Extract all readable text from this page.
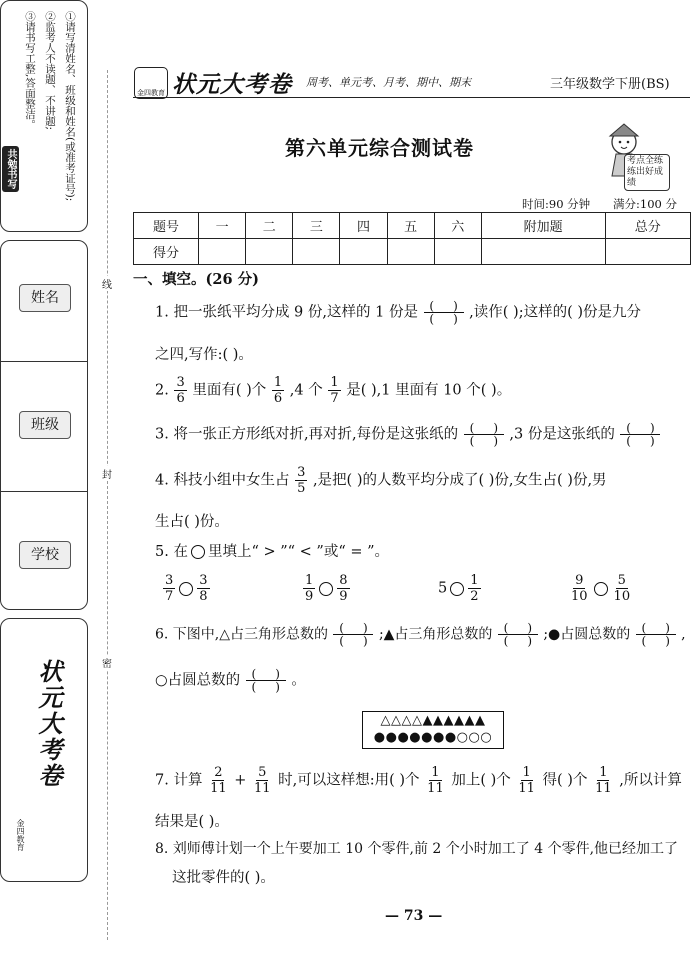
①请写清姓名、班级和姓名(或准考证号);
②监考人不读题、不讲题;
③请书写工整,答面整洁。
共勉书写
姓名
班级
学校
状元大考卷
金四教育
线
封
密
金四教育 状元大考卷 周考、单元考、月考、期中、期末	三年级数学下册(BS)
第六单元综合测试卷
考点全练
练出好成绩
时间:90 分钟 满分:100 分
题号	一	二	三	四	五	六	附加题	总分
得分								
一、填空。(26 分)
1. 把一张纸平均分成 9 份,这样的 1 份是 (     )
(     ) ,读作( );这样的( )份是九分
之四,写作:( )。
2. $\frac{3}{6}$ 里面有( )个 $\frac{1}{6} ,4$ 个 $\frac{1}{7}$ 是( ),1 里面有 10 个( )。
3. 将一张正方形纸对折,再对折,每份是这张纸的 (     )
(     ) ,3 份是这张纸的 (     )
(     )
4. 科技小组中女生占 $\frac{3}{5}$ ,是把( )的人数平均分成了( )份,女生占( )份,男
生占( )份。
5. 在 里填上“ > ”“ < ”或“ = ”。
$\frac{3}{7} \frac{3}{8}$	$\frac{1}{9} \frac{8}{9}$	$5 \frac{1}{2}$	$\frac{9}{10} \frac{5}{10}$
6. 下图中,△占三角形总数的 (     )
(     ) ;▲占三角形总数的 (     )
(     ) ;●占圆总数的 (     )
(     ) ,
○占圆总数的 (     )
(     ) 。
△△△△▲▲▲▲▲▲
●●●●●●●○○○
7. 计算 $\frac{2}{11} + \frac{5}{11}$ 时,可以这样想:用( )个 $\frac{1}{11}$ 加上( )个 $\frac{1}{11}$ 得( )个 $\frac{1}{11}$ ,所以计算
结果是( )。
8. 刘师傅计划一个上午要加工 10 个零件,前 2 个小时加工了 4 个零件,他已经加工了
这批零件的( )。
— 73 —
